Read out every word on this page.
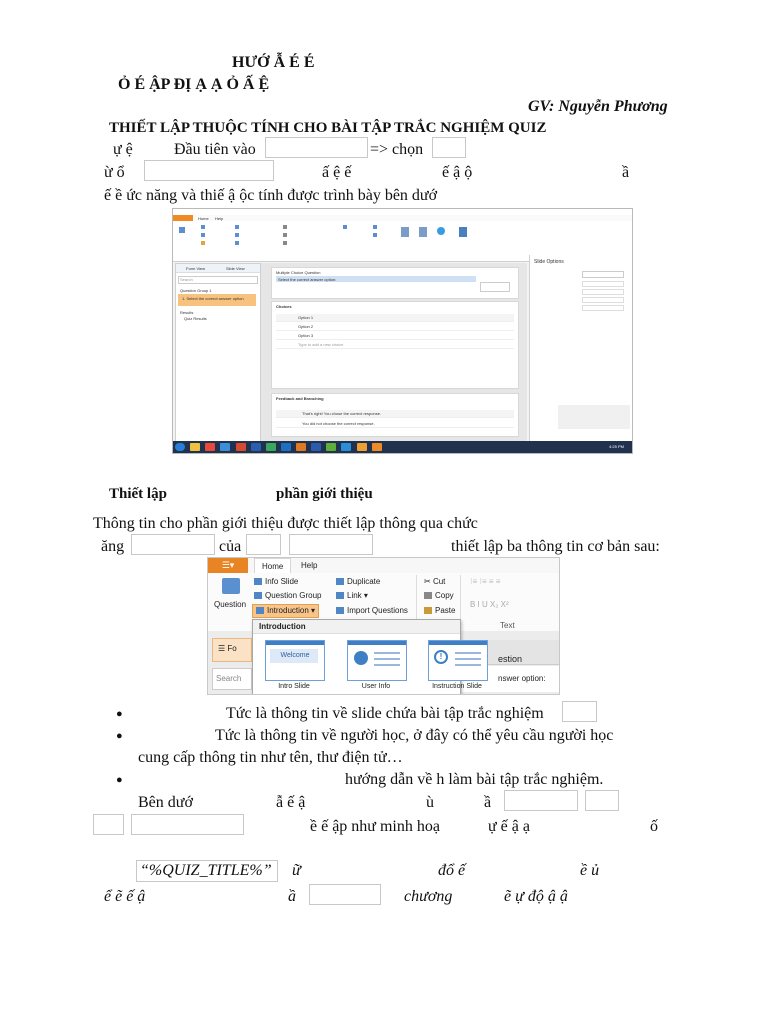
HƯỚ Ẫ É É
Ỏ É ẬP ĐỊ Ạ Ạ Ỏ Ấ Ệ
GV: Nguyễn Phương
THIẾT LẬP THUỘC TÍNH CHO BÀI TẬP TRẮC NGHIỆM QUIZ
ự ệ	Đầu tiên vào	=> chọn
ừ ổ	ấ ệ ế	ế ậ ộ	ầ
ế ề ức năng và thiế ậ ộc tính được trình bày bên dướ
Home Help
Form View	Slide View
Search
Question Group 1
1. Select the correct answer option
Results
Quiz Results
Multiple Choice Question
Select the correct answer option:
Choices
Option 1
Option 2
Option 3
Type to add a new choice
Feedback and Branching
That's right! You chose the correct response.
You did not choose the correct response.
Slide Options

4:25 PM
Thiết lập	phần giới thiệu
Thông tin cho phần giới thiệu được thiết lập thông qua chức
ăng	của	thiết lập ba thông tin cơ bản sau:
☰▾	Home	Help
Question
Info Slide
Question Group
Introduction ▾
Duplicate
Link ▾
Import Questions
✂ Cut
Copy
Paste
⁝≡ ⁝≡ ≡ ≡
B I U X₂ X²
Text
☰ Fo
Search
estion
nswer option:
Introduction
Welcome	!
Intro Slide	User Info	Instruction Slide
●	Tức là thông tin về slide chứa bài tập trắc nghiệm
●	Tức là thông tin về người học, ở đây có thể yêu cầu người học
cung cấp thông tin như tên, thư điện tử…
●	hướng dẫn về h làm bài tập trắc nghiệm.
Bên dướ	ẫ ế ậ	ù	ầ
ề ế ập như minh hoạ	ự ế ậ ạ	ố
“%QUIZ_TITLE%” ữ	đổ ế	ề ủ
ể ẽ ế ậ	ầ	chương	ẽ ự độ ậ ậ
